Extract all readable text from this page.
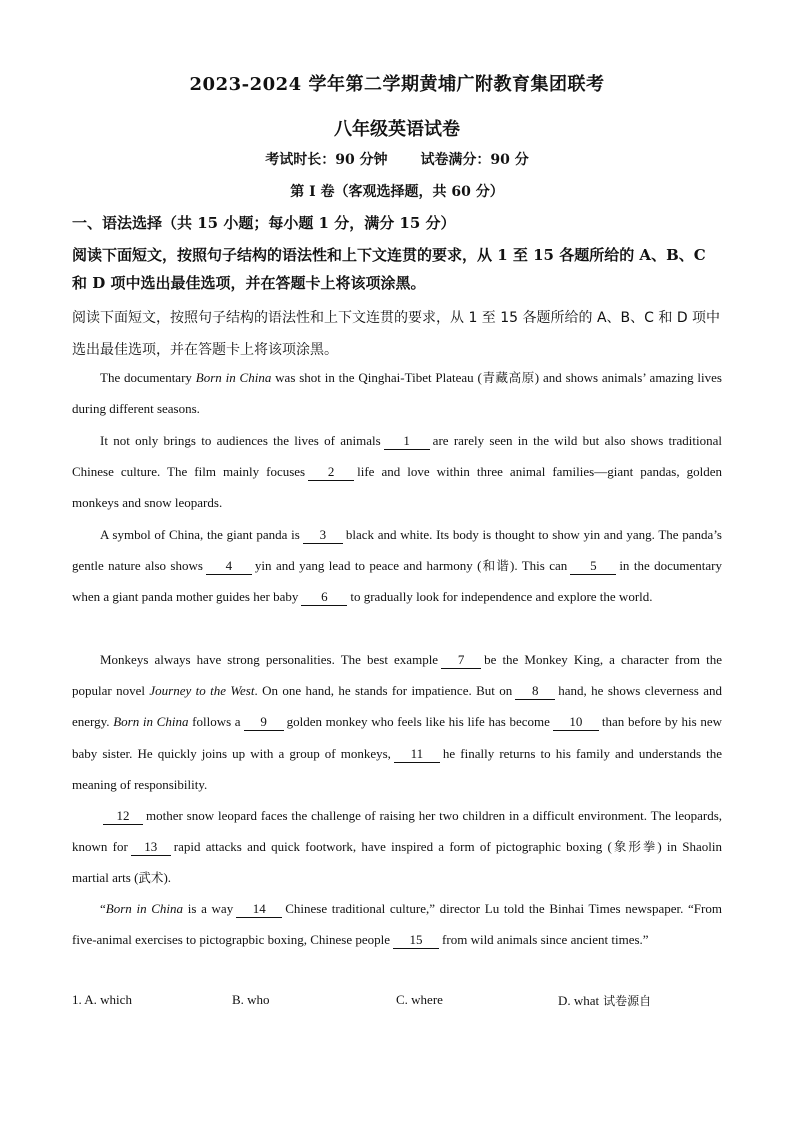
2023-2024 学年第二学期黄埔广附教育集团联考
八年级英语试卷
考试时长：90 分钟 试卷满分：90 分
第 I 卷（客观选择题，共 60 分）
一、语法选择（共 15 小题；每小题 1 分，满分 15 分）
阅读下面短文，按照句子结构的语法性和上下文连贯的要求，从 1 至 15 各题所给的 A、B、C 和 D 项中选出最佳选项，并在答题卡上将该项涂黑。
阅读下面短文，按照句子结构的语法性和上下文连贯的要求，从 1 至 15 各题所给的 A、B、C 和 D 项中选出最佳选项，并在答题卡上将该项涂黑。
The documentary Born in China was shot in the Qinghai-Tibet Plateau (青藏高原) and shows animals’ amazing lives during different seasons.
It not only brings to audiences the lives of animals 1 are rarely seen in the wild but also shows traditional Chinese culture. The film mainly focuses 2 life and love within three animal families—giant pandas, golden monkeys and snow leopards.
A symbol of China, the giant panda is 3 black and white. Its body is thought to show yin and yang. The panda’s gentle nature also shows 4 yin and yang lead to peace and harmony (和谐). This can 5 in the documentary when a giant panda mother guides her baby 6 to gradually look for independence and explore the world.
Monkeys always have strong personalities. The best example 7 be the Monkey King, a character from the popular novel Journey to the West. On one hand, he stands for impatience. But on 8 hand, he shows cleverness and energy. Born in China follows a 9 golden monkey who feels like his life has become 10 than before by his new baby sister. He quickly joins up with a group of monkeys, 11 he finally returns to his family and understands the meaning of responsibility.
12 mother snow leopard faces the challenge of raising her two children in a difficult environment. The leopards, known for 13 rapid attacks and quick footwork, have inspired a form of pictographic boxing (象形拳) in Shaolin martial arts (武术).
“Born in China is a way 14 Chinese traditional culture,” director Lu told the Binhai Times newspaper. “From five-animal exercises to pictograpbic boxing, Chinese people 15 from wild animals since ancient times.”
1. A. which	B. who	C. where	D. what 试卷源自
